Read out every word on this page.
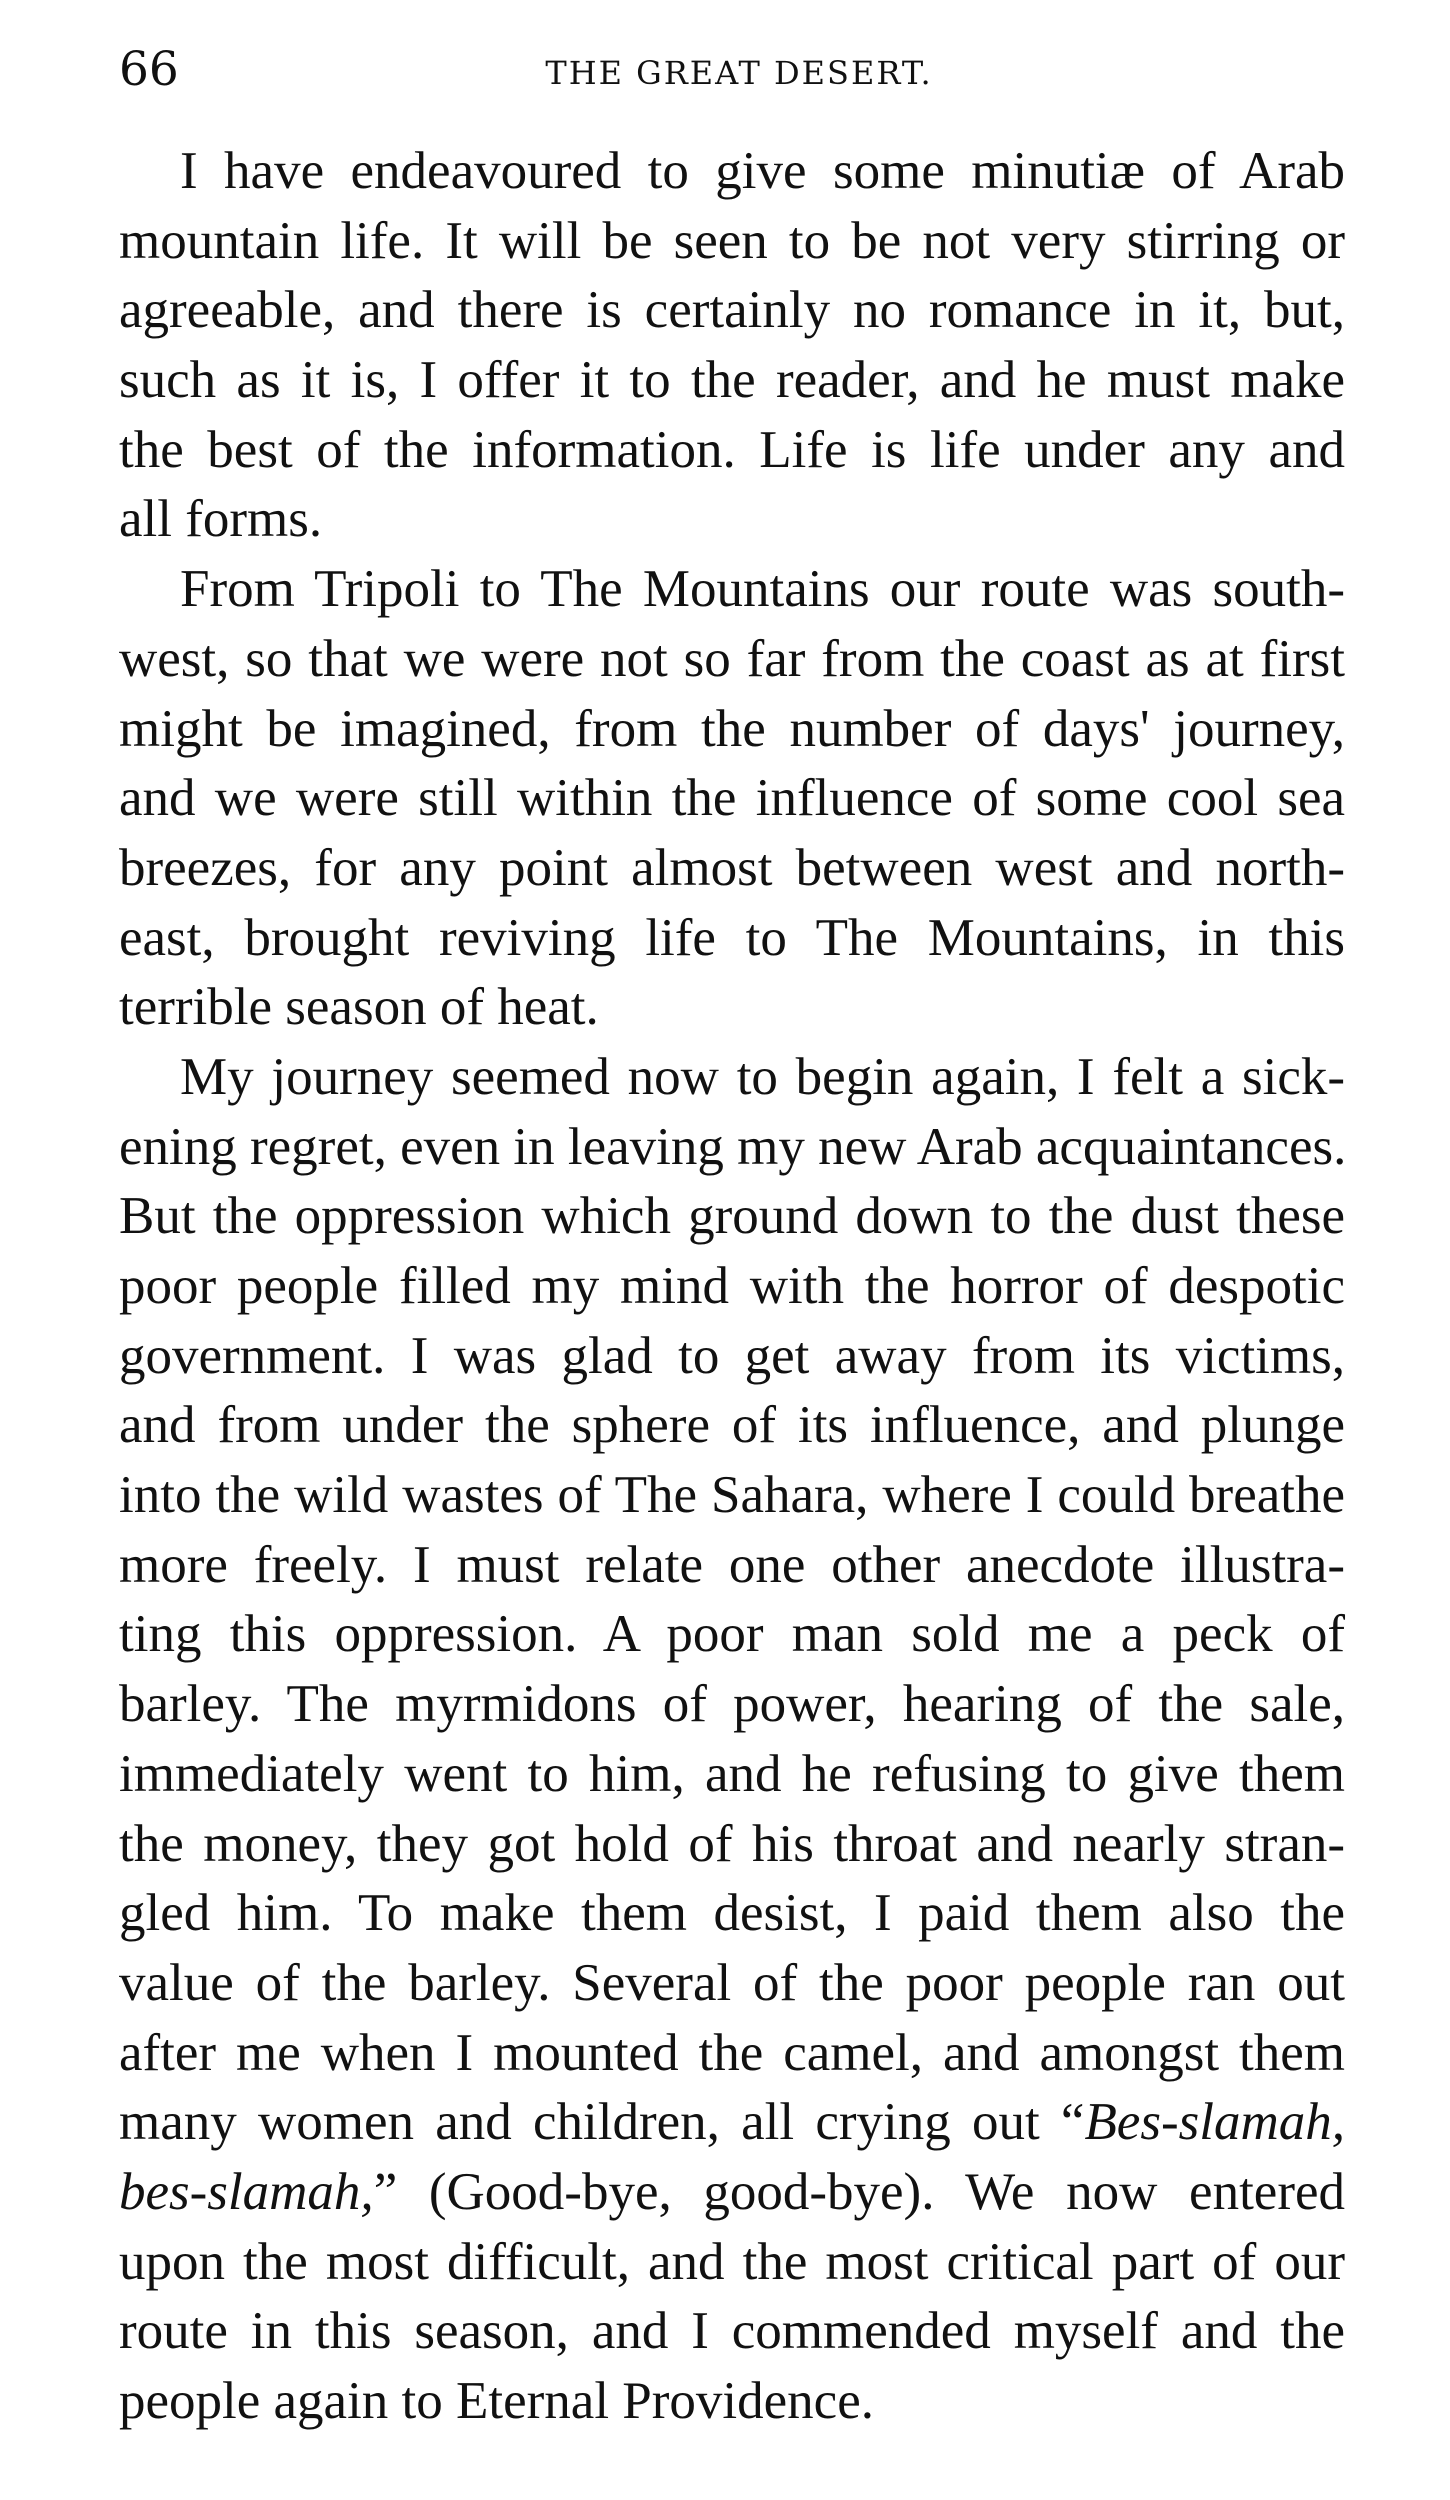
66	THE GREAT DESERT.
I have endeavoured to give some minutiæ of Arab
mountain life. It will be seen to be not very stirring or
agreeable, and there is certainly no romance in it, but,
such as it is, I offer it to the reader, and he must make
the best of the information. Life is life under any and
all forms.
From Tripoli to The Mountains our route was south-
west, so that we were not so far from the coast as at first
might be imagined, from the number of days' journey,
and we were still within the influence of some cool sea
breezes, for any point almost between west and north-
east, brought reviving life to The Mountains, in this
terrible season of heat.
My journey seemed now to begin again, I felt a sick-
ening regret, even in leaving my new Arab acquaintances.
But the oppression which ground down to the dust these
poor people filled my mind with the horror of despotic
government. I was glad to get away from its victims,
and from under the sphere of its influence, and plunge
into the wild wastes of The Sahara, where I could breathe
more freely. I must relate one other anecdote illustra-
ting this oppression. A poor man sold me a peck of
barley. The myrmidons of power, hearing of the sale,
immediately went to him, and he refusing to give them
the money, they got hold of his throat and nearly stran-
gled him. To make them desist, I paid them also the
value of the barley. Several of the poor people ran out
after me when I mounted the camel, and amongst them
many women and children, all crying out “Bes-slamah,
bes-slamah,” (Good-bye, good-bye). We now entered
upon the most difficult, and the most critical part of our
route in this season, and I commended myself and the
people again to Eternal Providence.
